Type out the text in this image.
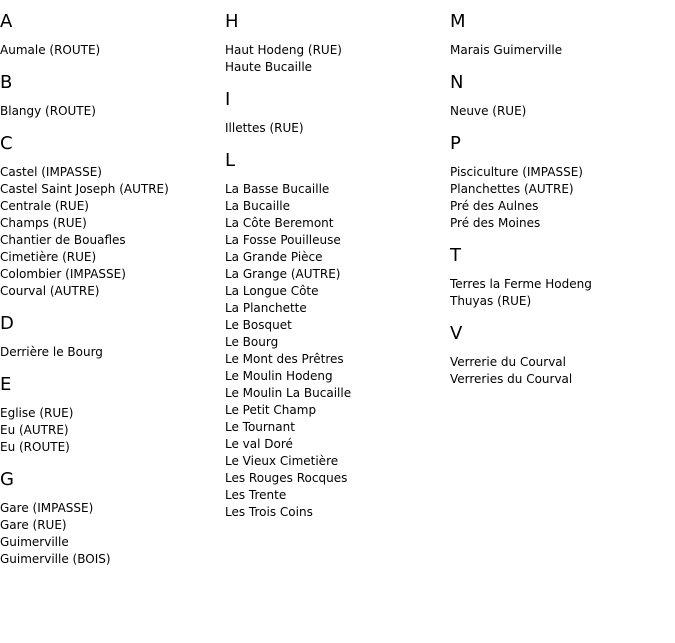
A
Aumale (ROUTE)
B
Blangy (ROUTE)
C
Castel (IMPASSE)
Castel Saint Joseph (AUTRE)
Centrale (RUE)
Champs (RUE)
Chantier de Bouafles
Cimetière (RUE)
Colombier (IMPASSE)
Courval (AUTRE)
D
Derrière le Bourg
E
Eglise (RUE)
Eu (AUTRE)
Eu (ROUTE)
G
Gare (IMPASSE)
Gare (RUE)
Guimerville
Guimerville (BOIS)
H
Haut Hodeng (RUE)
Haute Bucaille
I
Illettes (RUE)
L
La Basse Bucaille
La Bucaille
La Côte Beremont
La Fosse Pouilleuse
La Grande Pièce
La Grange (AUTRE)
La Longue Côte
La Planchette
Le Bosquet
Le Bourg
Le Mont des Prêtres
Le Moulin Hodeng
Le Moulin La Bucaille
Le Petit Champ
Le Tournant
Le val Doré
Le Vieux Cimetière
Les Rouges Rocques
Les Trente
Les Trois Coins
M
Marais Guimerville
N
Neuve (RUE)
P
Pisciculture (IMPASSE)
Planchettes (AUTRE)
Pré des Aulnes
Pré des Moines
T
Terres la Ferme Hodeng
Thuyas (RUE)
V
Verrerie du Courval
Verreries du Courval
